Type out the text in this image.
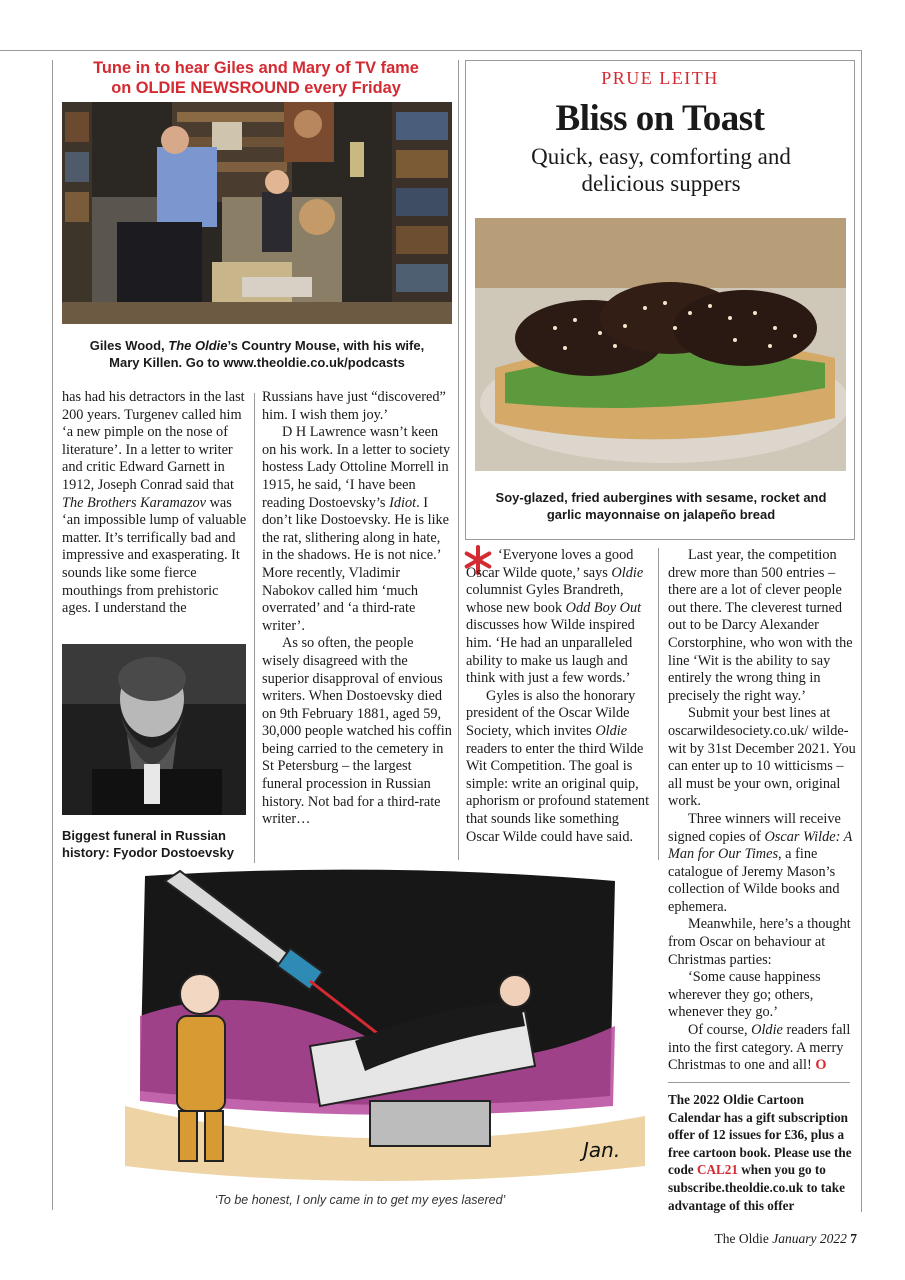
Tune in to hear Giles and Mary of TV fame
on OLDIE NEWSROUND every Friday
Giles Wood, The Oldie’s Country Mouse, with his wife,
Mary Killen. Go to www.theoldie.co.uk/podcasts

has had his detractors in the last 200 years. Turgenev called him ‘a new pimple on the nose of literature’. In a letter to writer and critic Edward Garnett in 1912, Joseph Conrad said that The Brothers Karamazov was ‘an impossible lump of valuable matter. It’s terrifically bad and impressive and exasperating. It sounds like some fierce mouthings from prehistoric ages. I understand the

Biggest funeral in Russian
history: Fyodor Dostoevsky

Russians have just “discovered” him. I wish them joy.’

D H Lawrence wasn’t keen on his work. In a letter to society hostess Lady Ottoline Morrell in 1915, he said, ‘I have been reading Dostoevsky’s Idiot. I don’t like Dostoevsky. He is like the rat, slithering along in hate, in the shadows. He is not nice.’ More recently, Vladimir Nabokov called him ‘much overrated’ and ‘a third-rate writer’.

As so often, the people wisely disagreed with the superior disapproval of envious writers. When Dostoevsky died on 9th February 1881, aged 59, 30,000 people watched his coffin being carried to the cemetery in St Petersburg – the largest funeral procession in Russian history. Not bad for a third-rate writer…

PRUE LEITH
Bliss on Toast
Quick, easy, comforting and
delicious suppers
Soy-glazed, fried aubergines with sesame, rocket and
garlic mayonnaise on jalapeño bread

‘Everyone loves a good Oscar Wilde quote,’ says Oldie columnist Gyles Brandreth, whose new book Odd Boy Out discusses how Wilde inspired him. ‘He had an unparalleled ability to make us laugh and think with just a few words.’

Gyles is also the honorary president of the Oscar Wilde Society, which invites Oldie readers to enter the third Wilde Wit Competition. The goal is simple: write an original quip, aphorism or profound statement that sounds like something Oscar Wilde could have said.

Last year, the competition drew more than 500 entries – there are a lot of clever people out there. The cleverest turned out to be Darcy Alexander Corstorphine, who won with the line ‘Wit is the ability to say entirely the wrong thing in precisely the right way.’

Submit your best lines at oscarwildesociety.co.uk/ wilde-wit by 31st December 2021. You can enter up to 10 witticisms – all must be your own, original work.

Three winners will receive signed copies of Oscar Wilde: A Man for Our Times, a fine catalogue of Jeremy Mason’s collection of Wilde books and ephemera.

Meanwhile, here’s a thought from Oscar on behaviour at Christmas parties:

‘Some cause happiness wherever they go; others, whenever they go.’

Of course, Oldie readers fall into the first category. A merry Christmas to one and all! O

The 2022 Oldie Cartoon Calendar has a gift subscription offer of 12 issues for £36, plus a free cartoon book. Please use the code CAL21 when you go to subscribe.theoldie.co.uk to take advantage of this offer
Jan.
‘To be honest, I only came in to get my eyes lasered’
The Oldie January 2022 7
